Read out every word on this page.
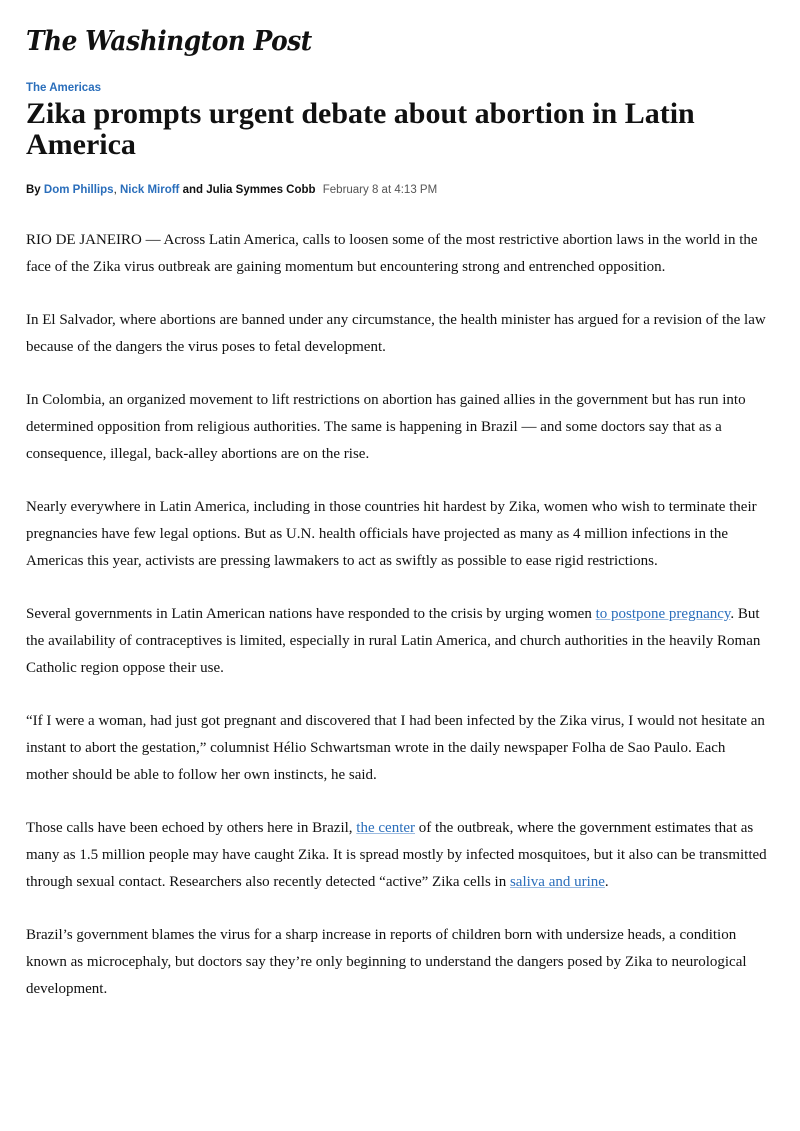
The Washington Post
The Americas
Zika prompts urgent debate about abortion in Latin America
By Dom Phillips, Nick Miroff and Julia Symmes Cobb February 8 at 4:13 PM

RIO DE JANEIRO — Across Latin America, calls to loosen some of the most restrictive abortion laws in the world in the face of the Zika virus outbreak are gaining momentum but encountering strong and entrenched opposition.

In El Salvador, where abortions are banned under any circumstance, the health minister has argued for a revision of the law because of the dangers the virus poses to fetal development.

In Colombia, an organized movement to lift restrictions on abortion has gained allies in the government but has run into determined opposition from religious authorities. The same is happening in Brazil — and some doctors say that as a consequence, illegal, back-alley abortions are on the rise.

Nearly everywhere in Latin America, including in those countries hit hardest by Zika, women who wish to terminate their pregnancies have few legal options. But as U.N. health officials have projected as many as 4 million infections in the Americas this year, activists are pressing lawmakers to act as swiftly as possible to ease rigid restrictions.

Several governments in Latin American nations have responded to the crisis by urging women to postpone pregnancy. But the availability of contraceptives is limited, especially in rural Latin America, and church authorities in the heavily Roman Catholic region oppose their use.

“If I were a woman, had just got pregnant and discovered that I had been infected by the Zika virus, I would not hesitate an instant to abort the gestation,” columnist Hélio Schwartsman wrote in the daily newspaper Folha de Sao Paulo. Each mother should be able to follow her own instincts, he said.

Those calls have been echoed by others here in Brazil, the center of the outbreak, where the government estimates that as many as 1.5 million people may have caught Zika. It is spread mostly by infected mosquitoes, but it also can be transmitted through sexual contact. Researchers also recently detected “active” Zika cells in saliva and urine.

Brazil’s government blames the virus for a sharp increase in reports of children born with undersize heads, a condition known as microcephaly, but doctors say they’re only beginning to understand the dangers posed by Zika to neurological development.
